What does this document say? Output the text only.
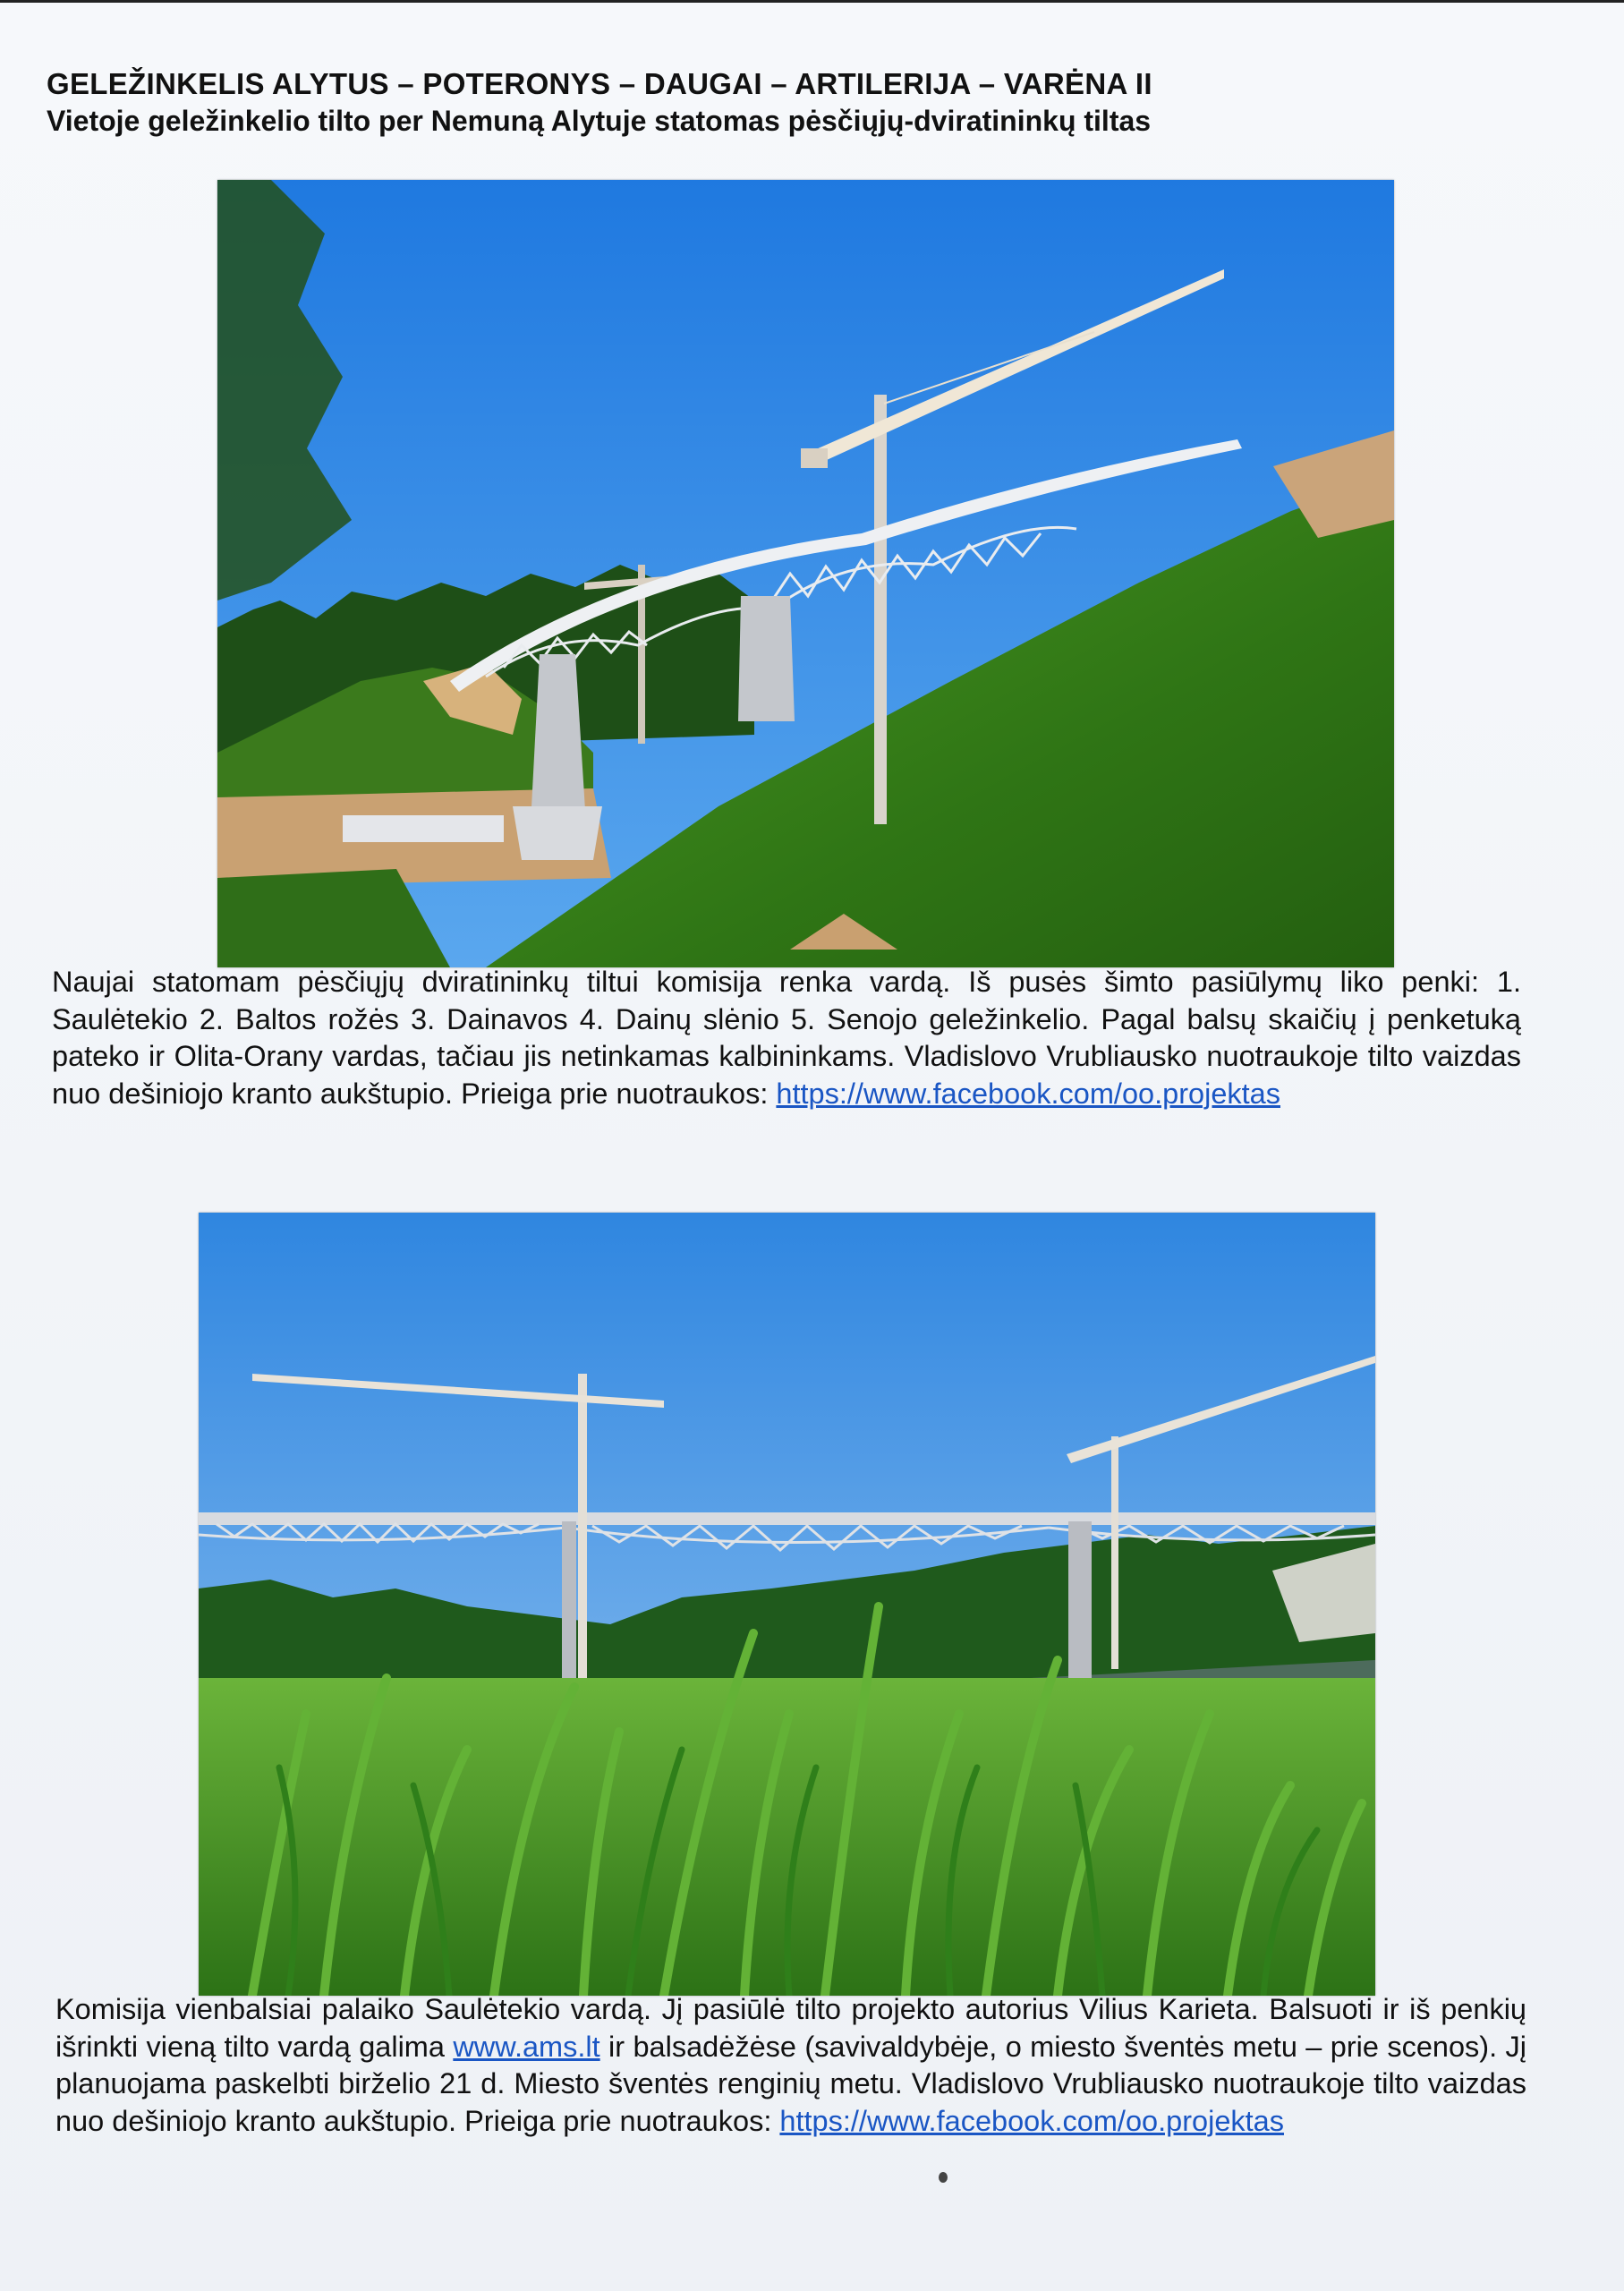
GELEŽINKELIS ALYTUS – POTERONYS – DAUGAI – ARTILERIJA – VARĖNA II
Vietoje geležinkelio tilto per Nemuną Alytuje statomas pėsčiųjų-dviratininkų tiltas
Naujai statomam pėsčiųjų dviratininkų tiltui komisija renka vardą. Iš pusės šimto pasiūlymų liko penki: 1. Saulėtekio 2. Baltos rožės 3. Dainavos 4. Dainų slėnio 5. Senojo geležinkelio. Pagal balsų skaičių į penketuką pateko ir Olita-Orany vardas, tačiau jis netinkamas kalbininkams. Vladislovo Vrubliausko nuotraukoje tilto vaizdas nuo dešiniojo kranto aukštupio. Prieiga prie nuotraukos: https://www.facebook.com/oo.projektas
Komisija vienbalsiai palaiko Saulėtekio vardą. Jį pasiūlė tilto projekto autorius Vilius Karieta. Balsuoti ir iš penkių išrinkti vieną tilto vardą galima www.ams.lt ir balsadėžėse (savivaldybėje, o miesto šventės metu – prie scenos). Jį planuojama paskelbti birželio 21 d. Miesto šventės renginių metu. Vladislovo Vrubliausko nuotraukoje tilto vaizdas nuo dešiniojo kranto aukštupio. Prieiga prie nuotraukos: https://www.facebook.com/oo.projektas
